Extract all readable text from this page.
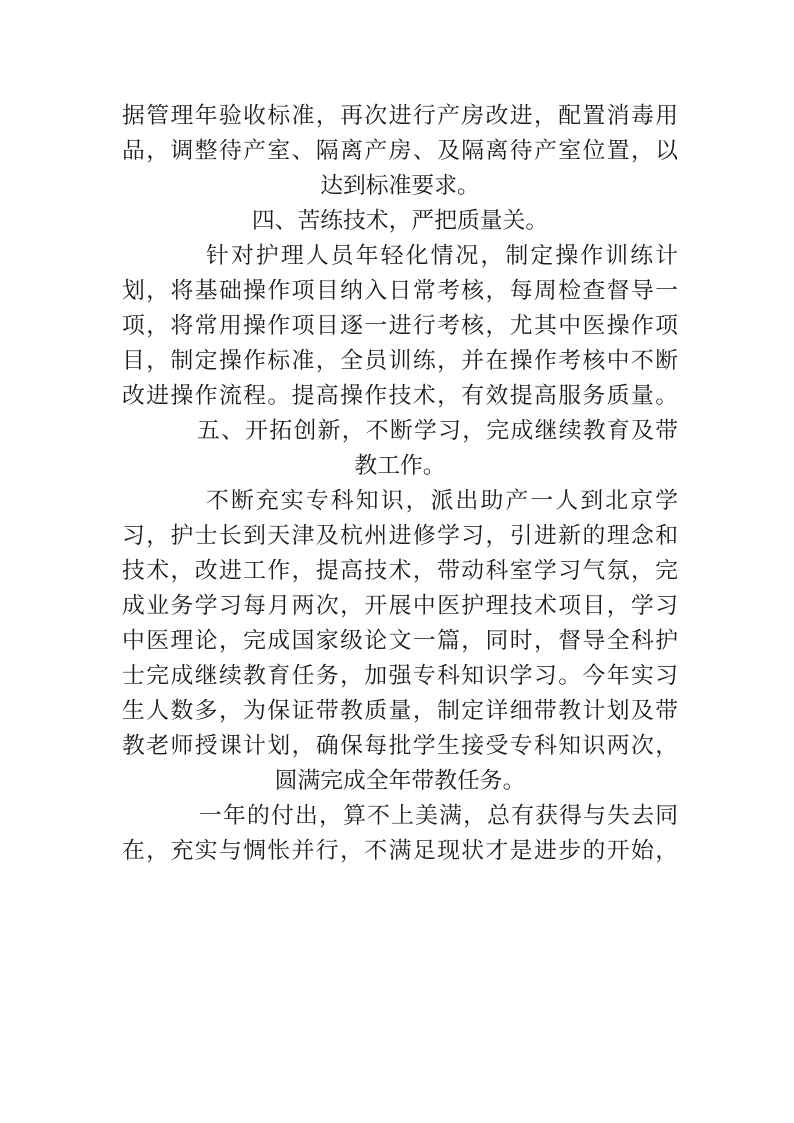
据管理年验收标准，再次进行产房改进，配置消毒用
品，调整待产室、隔离产房、及隔离待产室位置，以
达到标准要求。
四、苦练技术，严把质量关。
针对护理人员年轻化情况，制定操作训练计
划，将基础操作项目纳入日常考核，每周检查督导一
项，将常用操作项目逐一进行考核，尤其中医操作项
目，制定操作标准，全员训练，并在操作考核中不断
改进操作流程。提高操作技术，有效提高服务质量。
五、开拓创新，不断学习，完成继续教育及带
教工作。
不断充实专科知识，派出助产一人到北京学
习，护士长到天津及杭州进修学习，引进新的理念和
技术，改进工作，提高技术，带动科室学习气氛，完
成业务学习每月两次，开展中医护理技术项目，学习
中医理论，完成国家级论文一篇，同时，督导全科护
士完成继续教育任务，加强专科知识学习。今年实习
生人数多，为保证带教质量，制定详细带教计划及带
教老师授课计划，确保每批学生接受专科知识两次，
圆满完成全年带教任务。
一年的付出，算不上美满，总有获得与失去同
在，充实与惆怅并行，不满足现状才是进步的开始，
